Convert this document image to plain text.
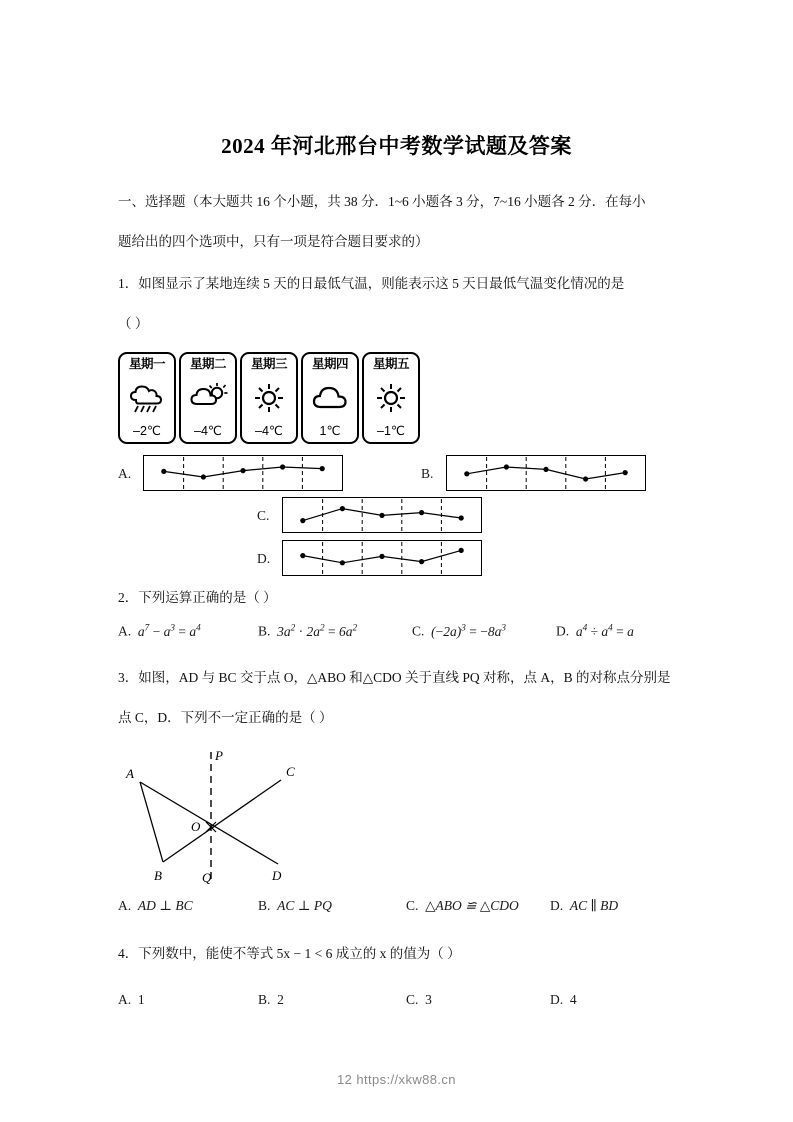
2024 年河北邢台中考数学试题及答案
一、选择题（本大题共 16 个小题，共 38 分．1~6 小题各 3 分，7~16 小题各 2 分．在每小
题给出的四个选项中，只有一项是符合题目要求的）
1．如图显示了某地连续 5 天的日最低气温，则能表示这 5 天日最低气温变化情况的是
（ ）
星期一
–2℃
星期二
–4℃
星期三
–4℃
星期四
1℃
星期五
–1℃
A.	B.
C.
D.
2．下列运算正确的是（ ）
A. $a^7 - a^3 = a^4$	B.  $3a^2 \cdot 2a^2 = 6a^2$	C.  $(-2a)^3 = -8a^3$	D. $a^4 \div a^4 = a$
3．如图，AD 与 BC 交于点 O，△ABO 和△CDO 关于直线 PQ 对称，点 A，B 的对称点分别是
点 C，D．下列不一定正确的是（ ）
A
B
C
D
O
P
Q
A. AD ⊥ BC	B. AC ⊥ PQ	C. △ABO ≌ △CDO D. AC ∥ BD
4．下列数中，能使不等式 5x − 1 < 6 成立的 x 的值为（ ）
A. 1	B. 2	C. 3	D. 4
12 https://xkw88.cn
